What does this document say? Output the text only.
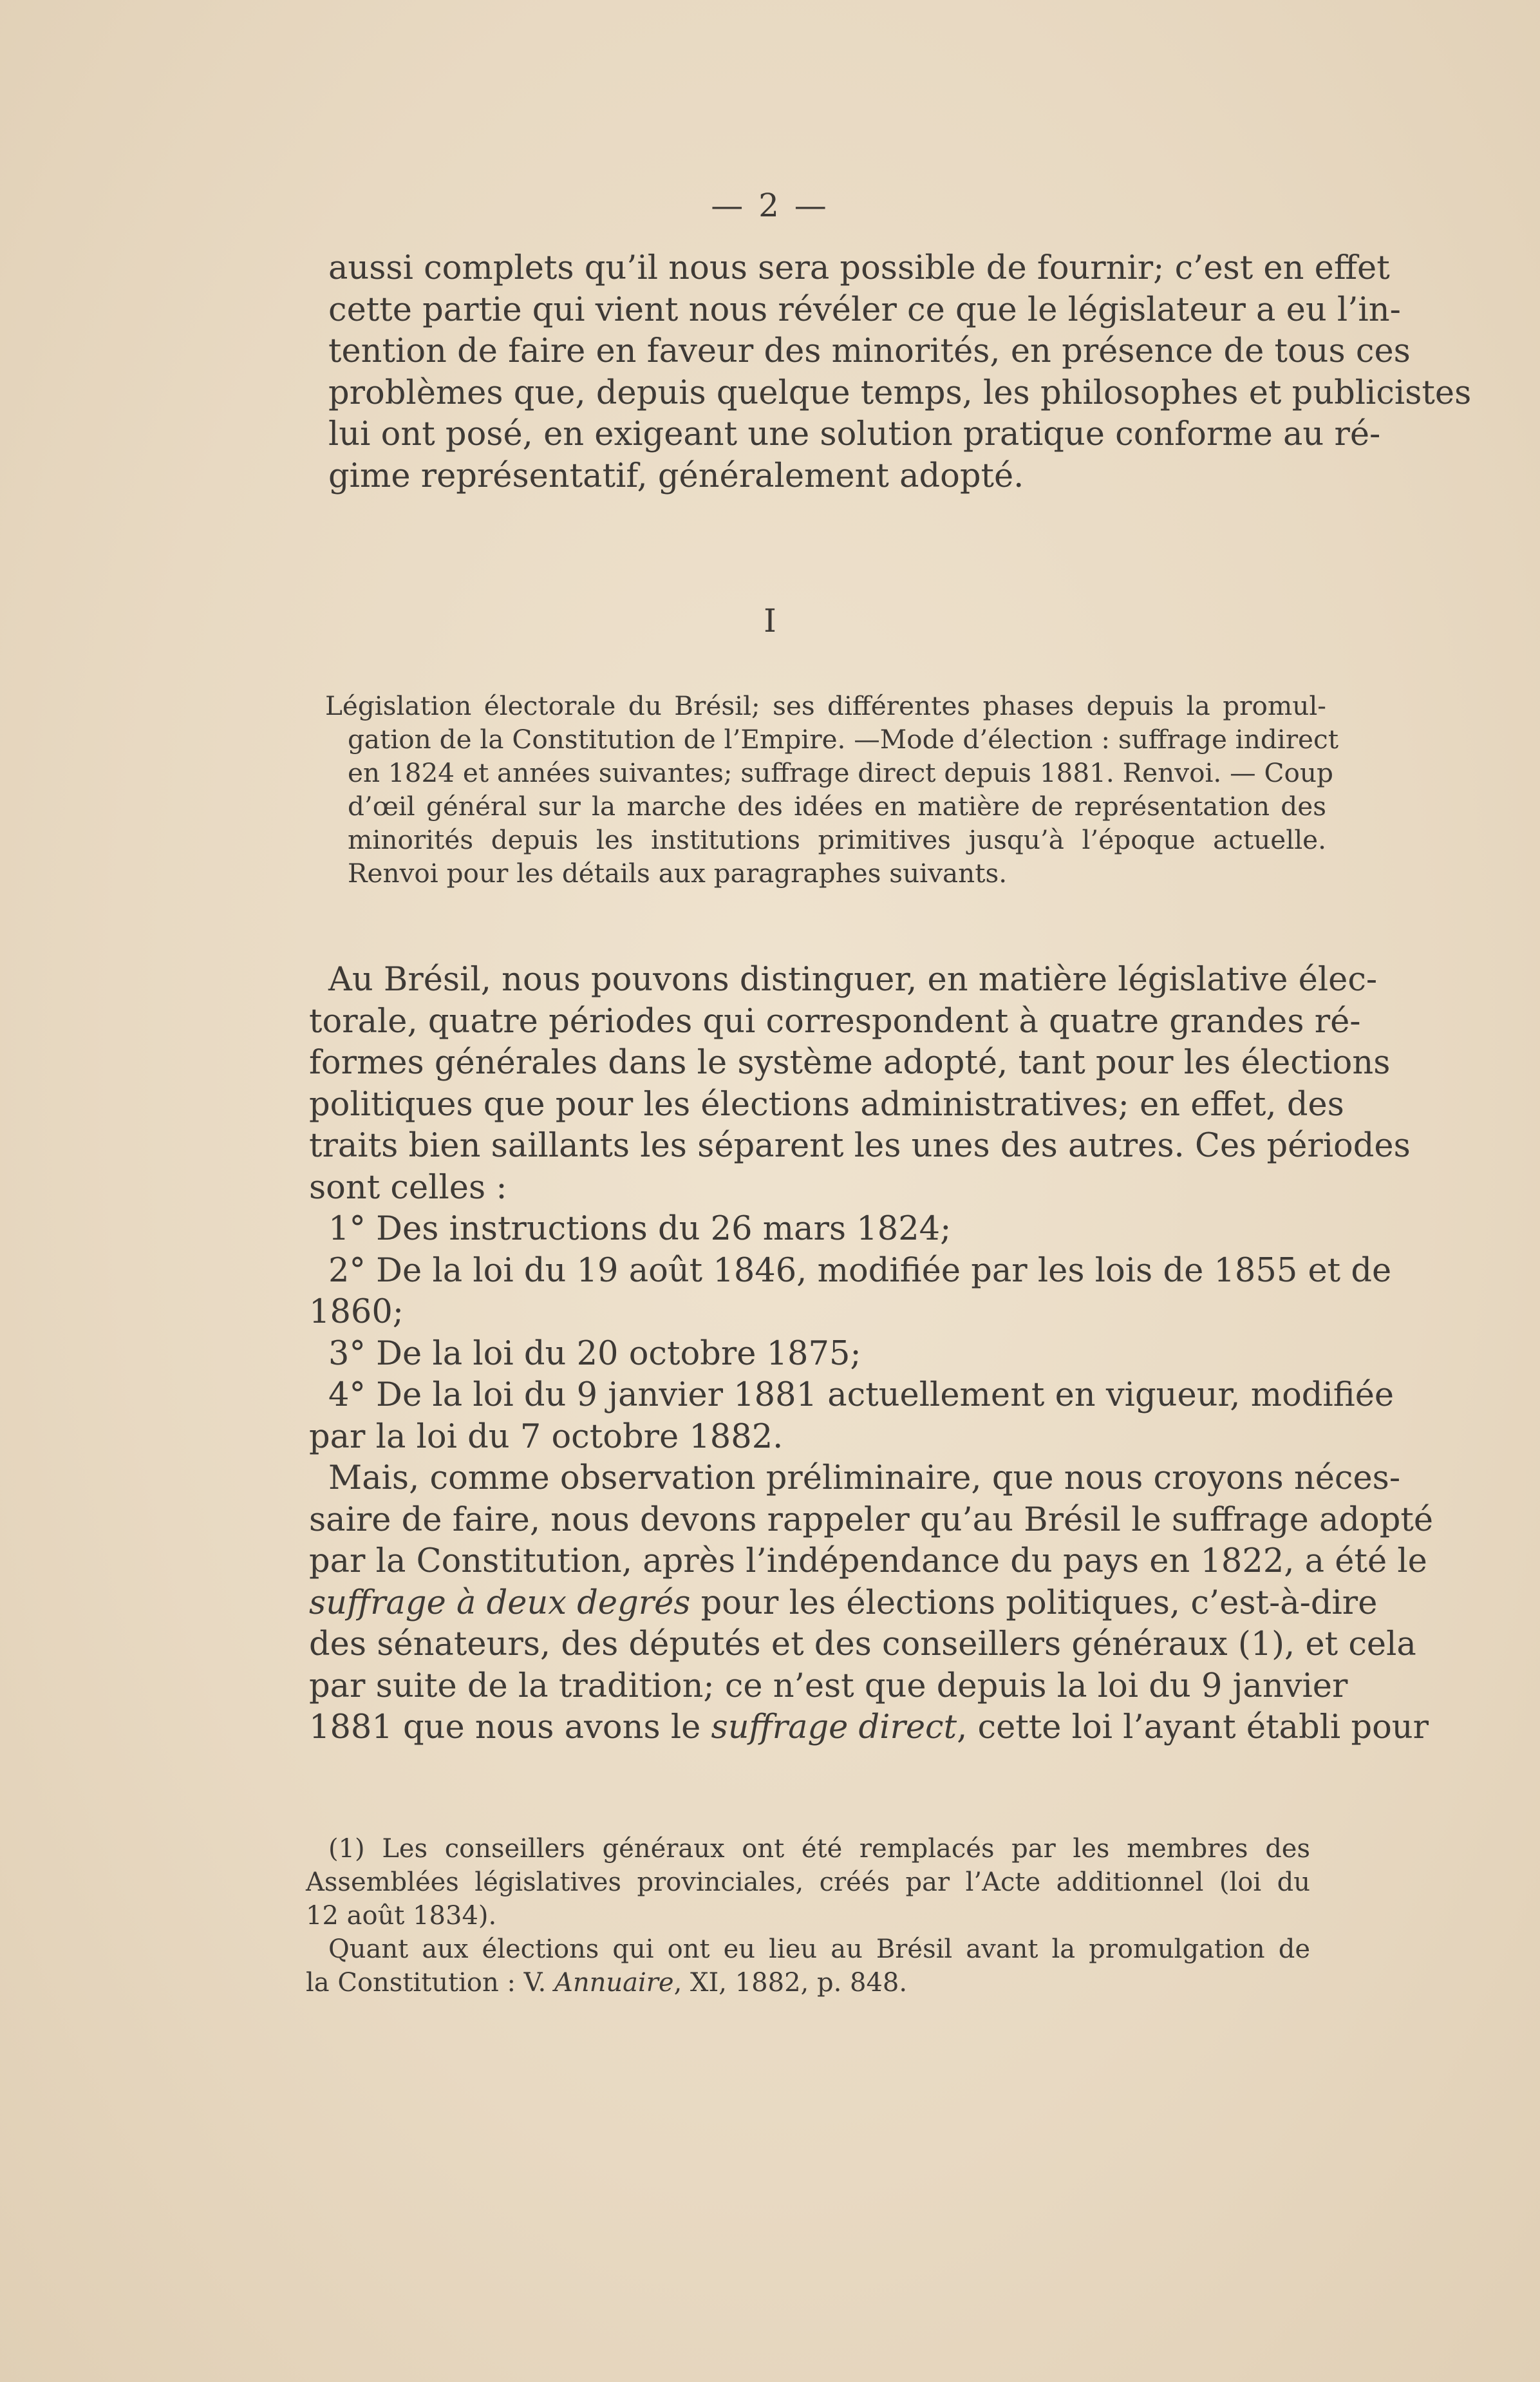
— 2 —
aussi complets qu’il nous sera possible de fournir; c’est en effet
cette partie qui vient nous révéler ce que le législateur a eu l’in-
tention de faire en faveur des minorités, en présence de tous ces
problèmes que, depuis quelque temps, les philosophes et publicistes
lui ont posé, en exigeant une solution pratique conforme au ré-
gime représentatif, généralement adopté.
I
Législation électorale du Brésil; ses différentes phases depuis la promul-
gation de la Constitution de l’Empire. —Mode d’élection : suffrage indirect
en 1824 et années suivantes; suffrage direct depuis 1881. Renvoi. — Coup
d’œil général sur la marche des idées en matière de représentation des
minorités depuis les institutions primitives jusqu’à l’époque actuelle.
Renvoi pour les détails aux paragraphes suivants.
Au Brésil, nous pouvons distinguer, en matière législative élec-
torale, quatre périodes qui correspondent à quatre grandes ré-
formes générales dans le système adopté, tant pour les élections
politiques que pour les élections administratives; en effet, des
traits bien saillants les séparent les unes des autres. Ces périodes
sont celles :
1° Des instructions du 26 mars 1824;
2° De la loi du 19 août 1846, modifiée par les lois de 1855 et de
1860;
3° De la loi du 20 octobre 1875;
4° De la loi du 9 janvier 1881 actuellement en vigueur, modifiée
par la loi du 7 octobre 1882.
Mais, comme observation préliminaire, que nous croyons néces-
saire de faire, nous devons rappeler qu’au Brésil le suffrage adopté
par la Constitution, après l’indépendance du pays en 1822, a été le
suffrage à deux degrés pour les élections politiques, c’est-à-dire
des sénateurs, des députés et des conseillers généraux (1), et cela
par suite de la tradition; ce n’est que depuis la loi du 9 janvier
1881 que nous avons le suffrage direct, cette loi l’ayant établi pour
(1) Les conseillers généraux ont été remplacés par les membres des
Assemblées législatives provinciales, créés par l’Acte additionnel (loi du
12 août 1834).
Quant aux élections qui ont eu lieu au Brésil avant la promulgation de
la Constitution : V. Annuaire, XI, 1882, p. 848.
